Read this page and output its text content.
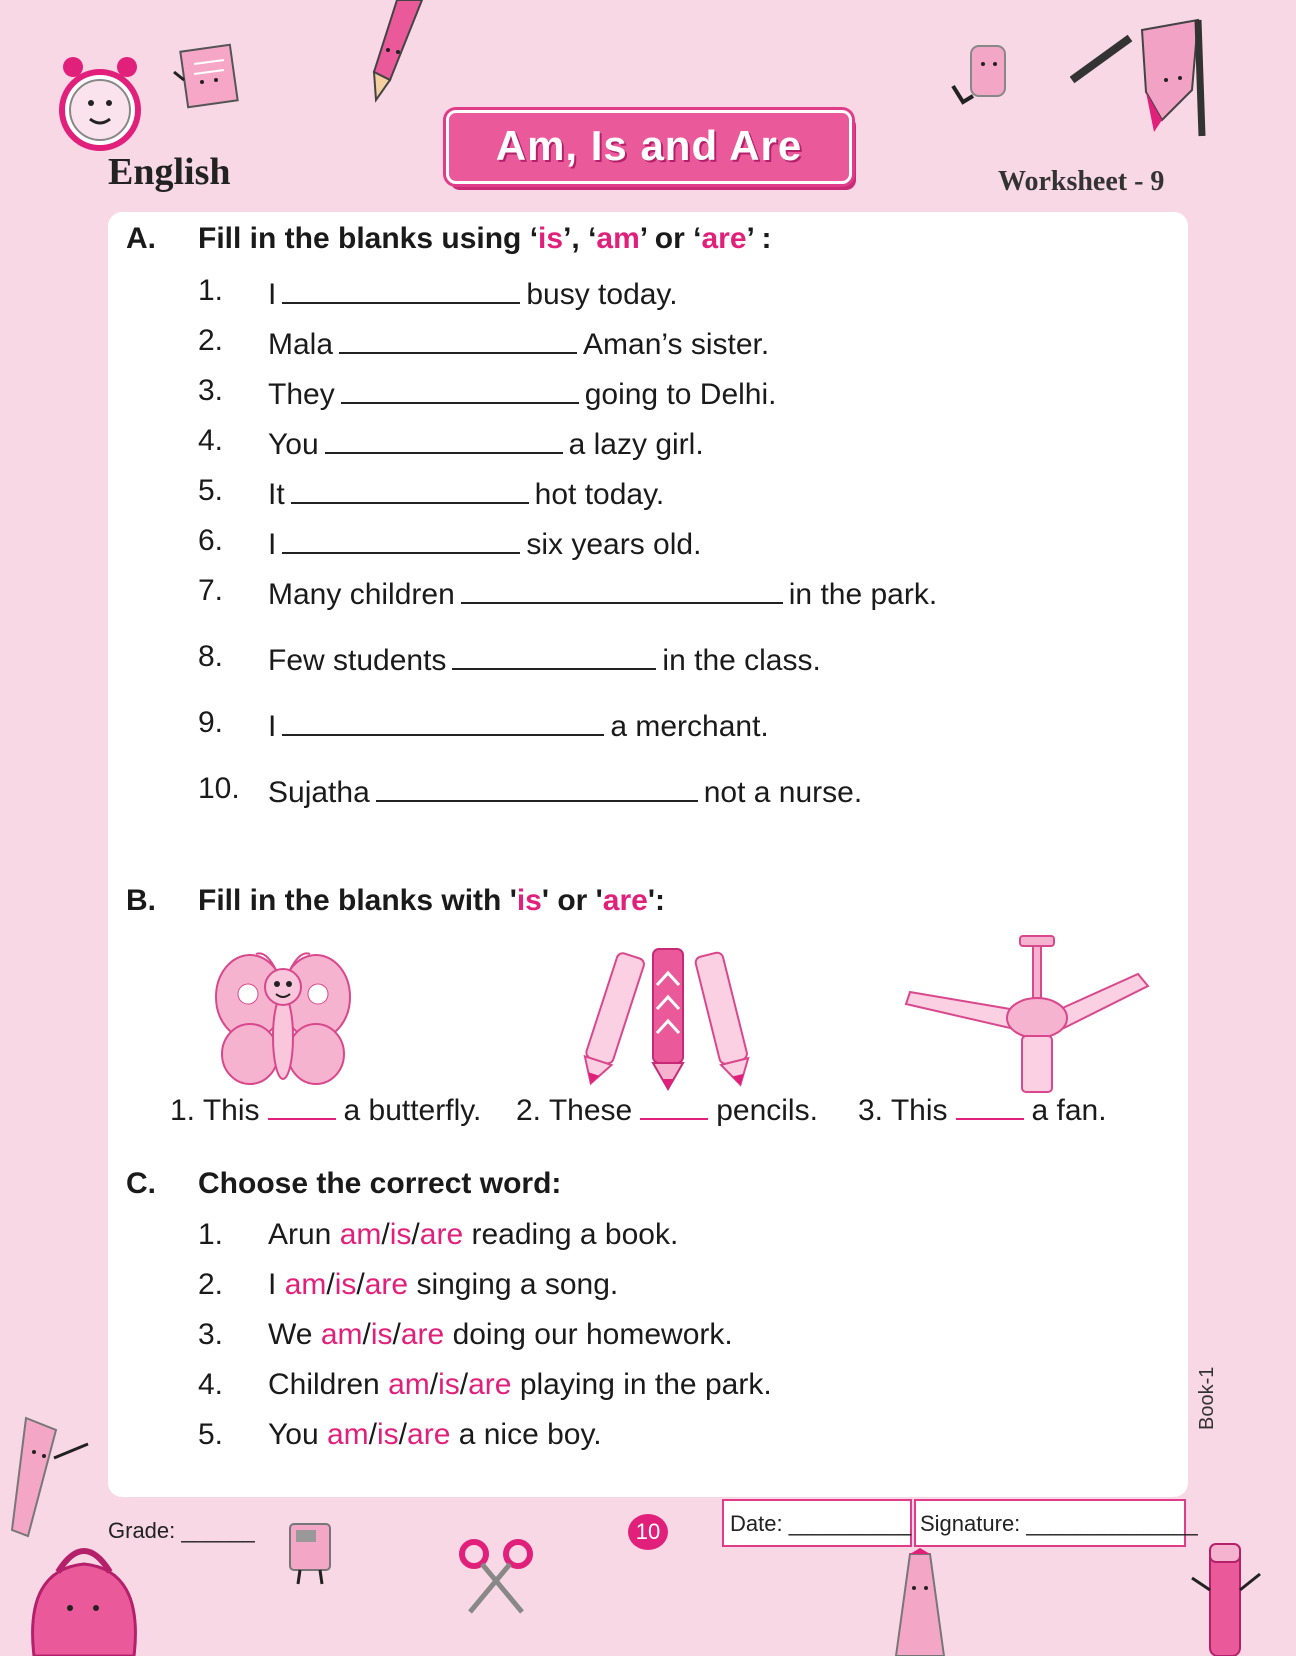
English
Am, Is and Are
Worksheet - 9
A. Fill in the blanks using ‘is’, ‘am’ or ‘are’ :
1. I	busy today.
2. Mala	Aman’s sister.
3. They	going to Delhi.
4. You	a lazy girl.
5. It	hot today.
6. I	six years old.
7. Many children	in the park.
8. Few students	in the class.
9. I	a merchant.
10. Sujatha	not a nurse.
B. Fill in the blanks with 'is' or 'are':
1. This	a butterfly. 2. These	pencils. 3. This	a fan.
C. Choose the correct word:
1. Arun am/is/are reading a book.
2. I am/is/are singing a song.
3. We am/is/are doing our homework.
4. Children am/is/are playing in the park.
5. You am/is/are a nice boy.
Book-1
Grade: ______	10	Date: __________ Signature: ______________
